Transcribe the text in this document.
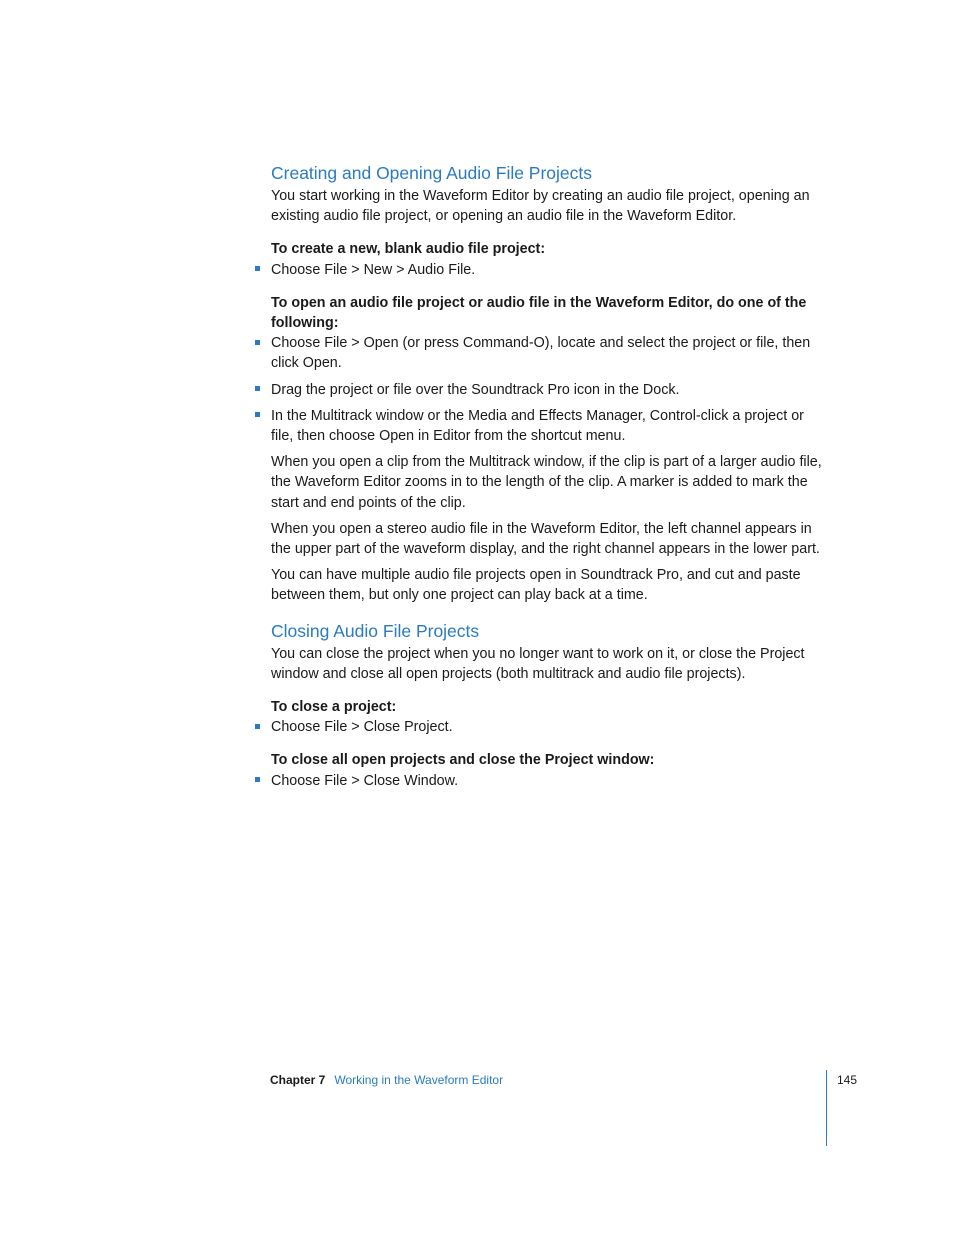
Creating and Opening Audio File Projects

You start working in the Waveform Editor by creating an audio file project, opening an existing audio file project, or opening an audio file in the Waveform Editor.

To create a new, blank audio file project:

Choose File > New > Audio File.

To open an audio file project or audio file in the Waveform Editor, do one of the following:

Choose File > Open (or press Command-O), locate and select the project or file, then click Open.
Drag the project or file over the Soundtrack Pro icon in the Dock.
In the Multitrack window or the Media and Effects Manager, Control-click a project or file, then choose Open in Editor from the shortcut menu.

When you open a clip from the Multitrack window, if the clip is part of a larger audio file, the Waveform Editor zooms in to the length of the clip. A marker is added to mark the start and end points of the clip.

When you open a stereo audio file in the Waveform Editor, the left channel appears in the upper part of the waveform display, and the right channel appears in the lower part.

You can have multiple audio file projects open in Soundtrack Pro, and cut and paste between them, but only one project can play back at a time.

Closing Audio File Projects

You can close the project when you no longer want to work on it, or close the Project window and close all open projects (both multitrack and audio file projects).

To close a project:

Choose File > Close Project.

To close all open projects and close the Project window:

Choose File > Close Window.
Chapter 7 Working in the Waveform Editor	145
